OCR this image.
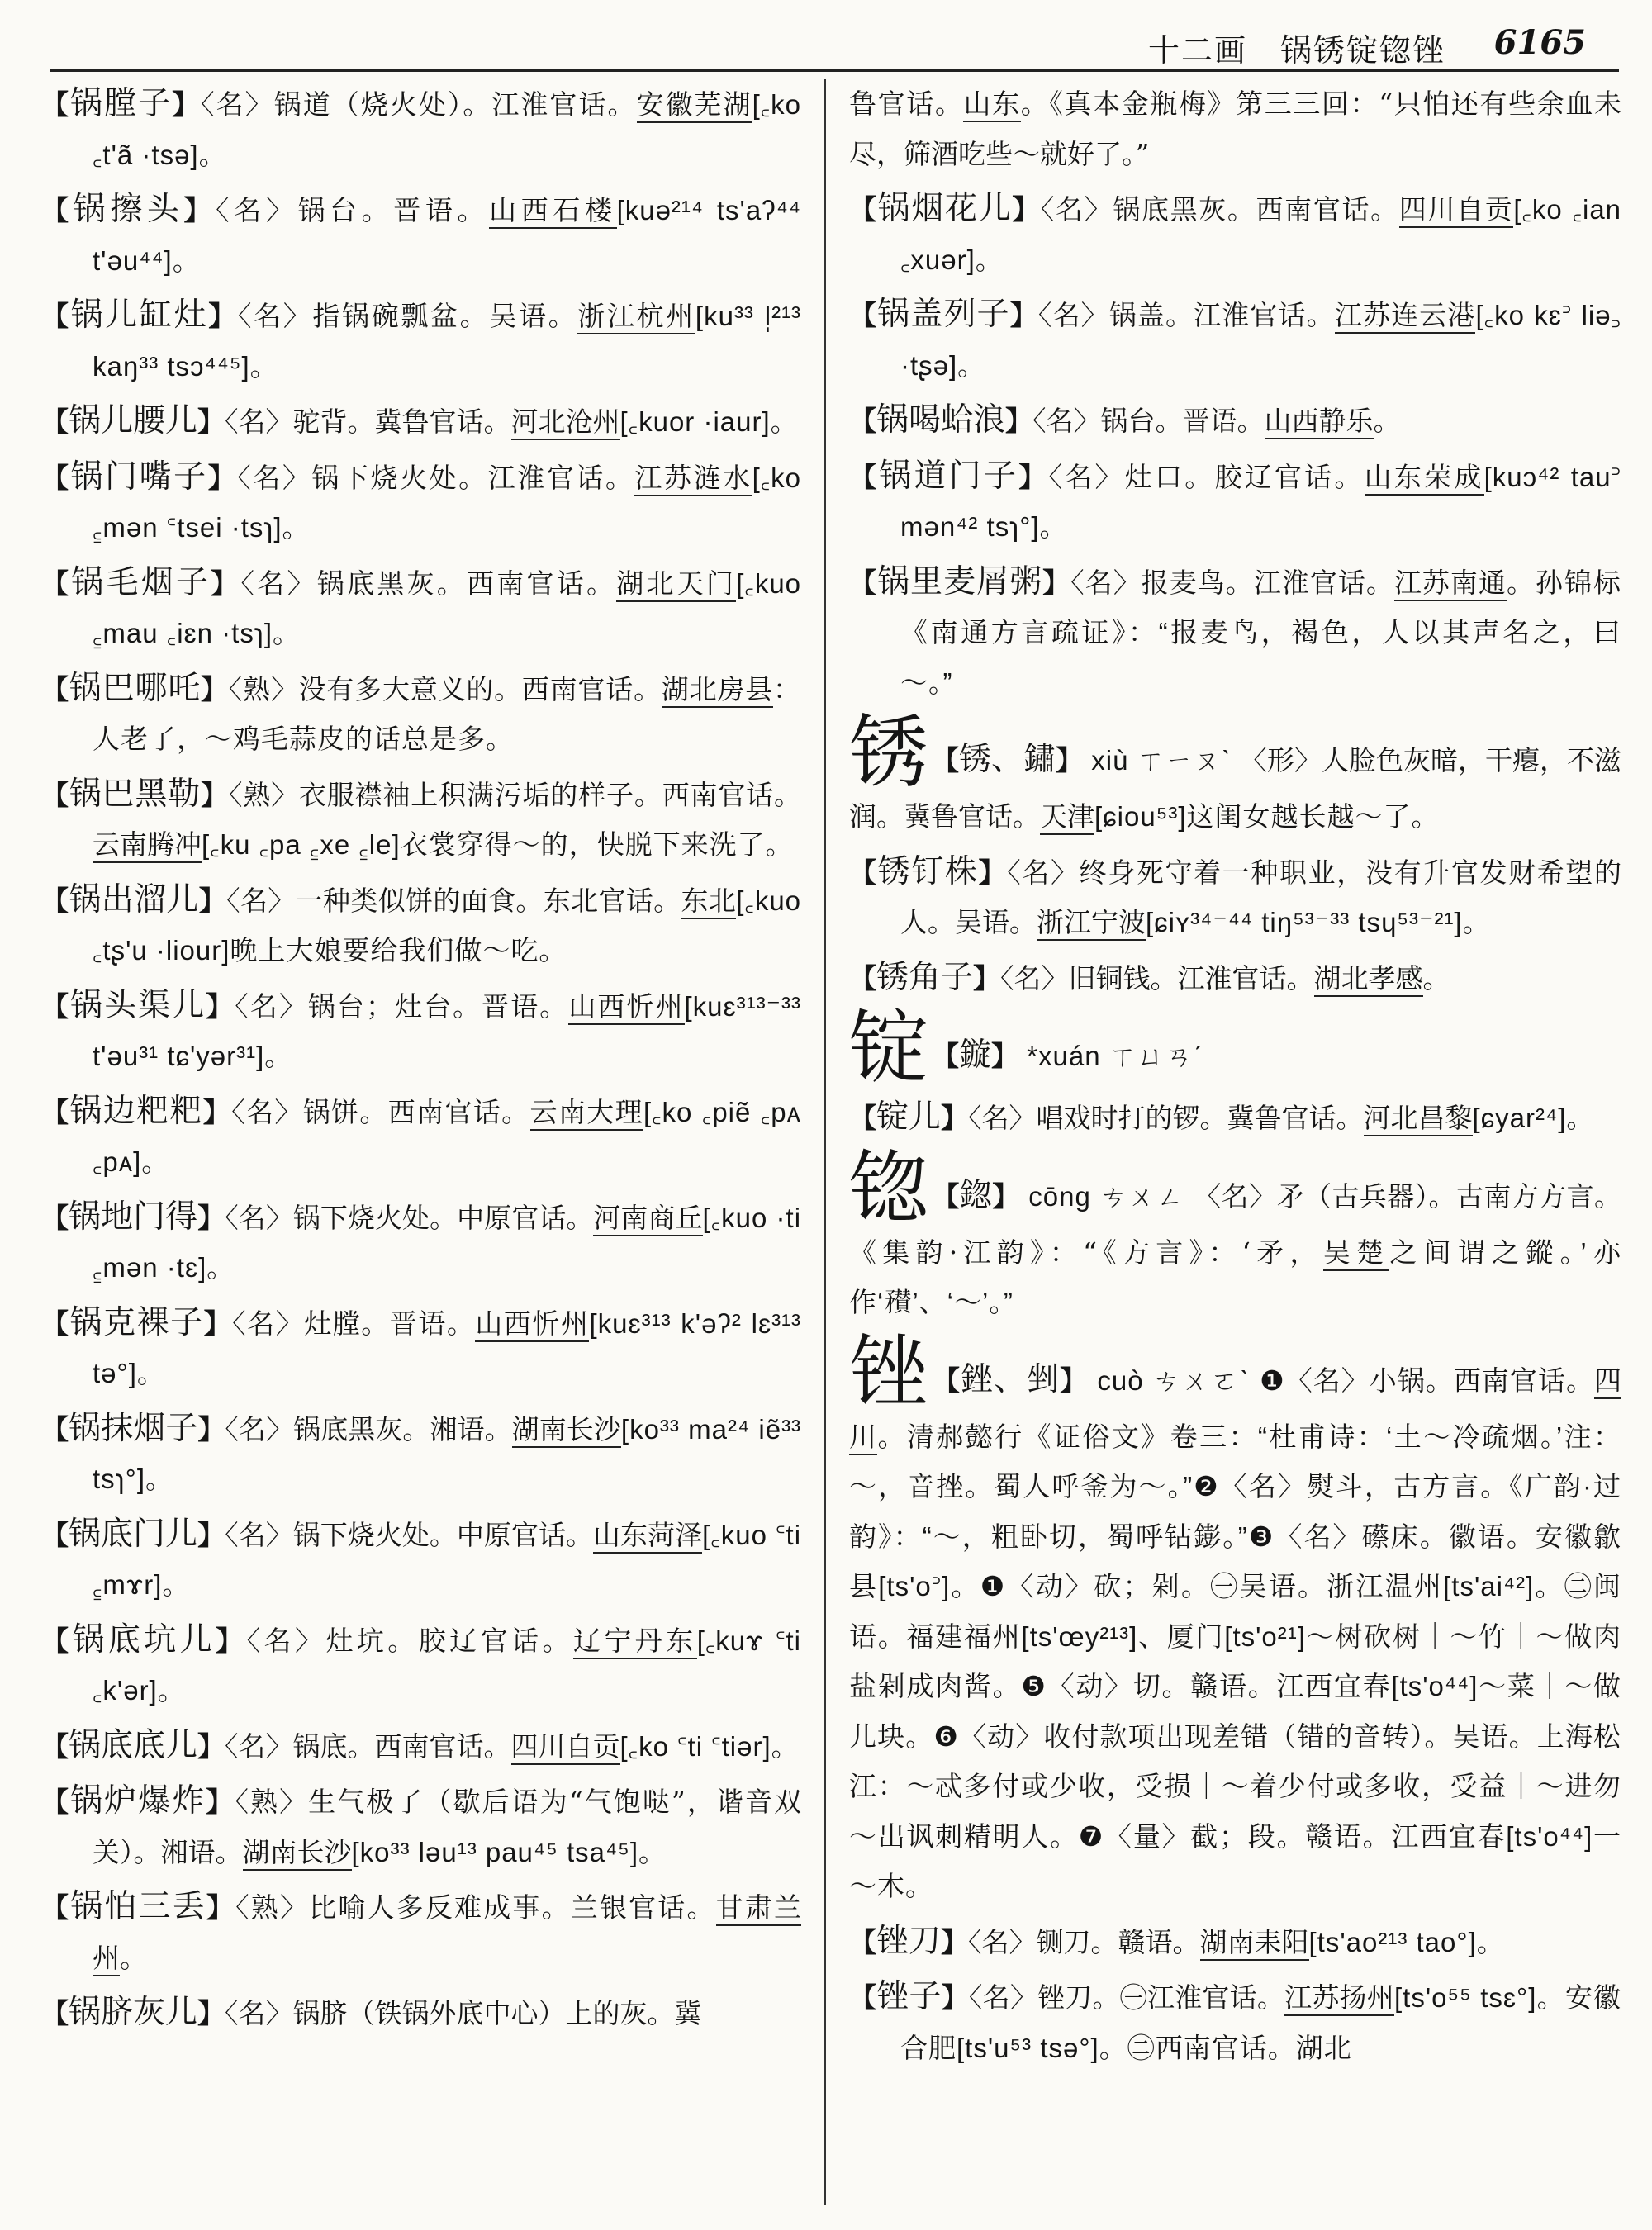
十二画　锅锈锭锪锉 6165

【锅膛子】〈名〉锅道（烧火处）。江淮官话。安徽芜湖[꜀ko ꜀t'ã ·tsə]。

【锅擦头】〈名〉锅台。晋语。山西石楼[kuə²¹⁴ ts'aʔ⁴⁴ t'əu⁴⁴]。

【锅儿缸灶】〈名〉指锅碗瓢盆。吴语。浙江杭州[ku³³ l̩²¹³ kaŋ³³ tsɔ⁴⁴⁵]。

【锅儿腰儿】〈名〉驼背。冀鲁官话。河北沧州[꜀kuor ·iaur]。

【锅门嘴子】〈名〉锅下烧火处。江淮官话。江苏涟水[꜀ko ꜁mən ꜂tsei ·tsɿ]。

【锅毛烟子】〈名〉锅底黑灰。西南官话。湖北天门[꜀kuo ꜁mau ꜀iɛn ·tsɿ]。

【锅巴哪吒】〈熟〉没有多大意义的。西南官话。湖北房县：人老了，～鸡毛蒜皮的话总是多。

【锅巴黑勒】〈熟〉衣服襟袖上积满污垢的样子。西南官话。云南腾冲[꜀ku ꜀pa ꜁xe ꜁le]衣裳穿得～的，快脱下来洗了。

【锅出溜儿】〈名〉一种类似饼的面食。东北官话。东北[꜀kuo ꜀tʂ'u ·liour]晚上大娘要给我们做～吃。

【锅头渠儿】〈名〉锅台；灶台。晋语。山西忻州[kuɛ³¹³⁻³³ t'əu³¹ tɕ'yər³¹]。

【锅边粑粑】〈名〉锅饼。西南官话。云南大理[꜀ko ꜀piẽ ꜀pᴀ ꜀pᴀ]。

【锅地门得】〈名〉锅下烧火处。中原官话。河南商丘[꜀kuo ·ti ꜁mən ·tɛ]。

【锅克裸子】〈名〉灶膛。晋语。山西忻州[kuɛ³¹³ k'əʔ² lɛ³¹³ tə°]。

【锅抹烟子】〈名〉锅底黑灰。湘语。湖南长沙[ko³³ ma²⁴ iẽ³³ tsɿ°]。

【锅底门儿】〈名〉锅下烧火处。中原官话。山东菏泽[꜀kuo ꜂ti ꜁mɤr]。

【锅底坑儿】〈名〉灶坑。胶辽官话。辽宁丹东[꜀kuɤ ꜂ti ꜀k'ər]。

【锅底底儿】〈名〉锅底。西南官话。四川自贡[꜀ko ꜂ti ꜂tiər]。

【锅炉爆炸】〈熟〉生气极了（歇后语为“气饱哒”，谐音双关）。湘语。湖南长沙[ko³³ ləu¹³ pau⁴⁵ tsa⁴⁵]。

【锅怕三丢】〈熟〉比喻人多反难成事。兰银官话。甘肃兰州。

【锅脐灰儿】〈名〉锅脐（铁锅外底中心）上的灰。冀

鲁官话。山东。《真本金瓶梅》第三三回：“只怕还有些余血未尽，筛酒吃些～就好了。”

【锅烟花儿】〈名〉锅底黑灰。西南官话。四川自贡[꜀ko ꜀ian ꜀xuər]。

【锅盖列子】〈名〉锅盖。江淮官话。江苏连云港[꜀ko kɛ꜄ liə꜆ ·tʂə]。

【锅喝蛤浪】〈名〉锅台。晋语。山西静乐。

【锅道门子】〈名〉灶口。胶辽官话。山东荣成[kuɔ⁴² tau꜄ mən⁴² tsɿ°]。

【锅里麦屑粥】〈名〉报麦鸟。江淮官话。江苏南通。孙锦标《南通方言疏证》：“报麦鸟，褐色，人以其声名之，曰～。”

锈 【锈、鏽】 xiù ㄒㄧㄡˋ 〈形〉人脸色灰暗，干瘪，不滋润。冀鲁官话。天津[ɕiou⁵³]这闺女越长越～了。

【锈钉株】〈名〉终身死守着一种职业，没有升官发财希望的人。吴语。浙江宁波[ɕiʏ³⁴⁻⁴⁴ tiŋ⁵³⁻³³ tsɥ⁵³⁻²¹]。

【锈角子】〈名〉旧铜钱。江淮官话。湖北孝感。

锭 【鏇】 *xuán ㄒㄩㄢˊ

【锭儿】〈名〉唱戏时打的锣。冀鲁官话。河北昌黎[ɕyar²⁴]。

锪 【鍃】 cōng ㄘㄨㄥ 〈名〉矛（古兵器）。古南方方言。《集韵·江韵》：“《方言》：‘矛，吴楚之间谓之鏦。’亦作‘𥎞’、‘～’。”

锉 【銼、剉】 cuò ㄘㄨㄛˋ ❶〈名〉小锅。西南官话。四川。清郝懿行《证俗文》卷三：“杜甫诗：‘土～冷疏烟。’注：～，音挫。蜀人呼釜为～。”❷〈名〉熨斗，古方言。《广韵·过韵》：“～，粗卧切，蜀呼钴𨭌。”❸〈名〉礤床。徽语。安徽歙县[ts'o꜄]。❶〈动〉砍；剁。㊀吴语。浙江温州[ts'ai⁴²]。㊁闽语。福建福州[ts'œy²¹³]、厦门[ts'o²¹]～树砍树｜～竹｜～做肉盐剁成肉酱。❺〈动〉切。赣语。江西宜春[ts'o⁴⁴]～菜｜～做儿块。❻〈动〉收付款项出现差错（错的音转）。吴语。上海松江：～忒多付或少收，受损｜～着少付或多收，受益｜～进勿～出讽刺精明人。❼〈量〉截；段。赣语。江西宜春[ts'o⁴⁴]一～木。

【锉刀】〈名〉铡刀。赣语。湖南耒阳[ts'ao²¹³ tao°]。

【锉子】〈名〉锉刀。㊀江淮官话。江苏扬州[ts'o⁵⁵ tsɛ°]。安徽合肥[ts'u⁵³ tsə°]。㊁西南官话。湖北
